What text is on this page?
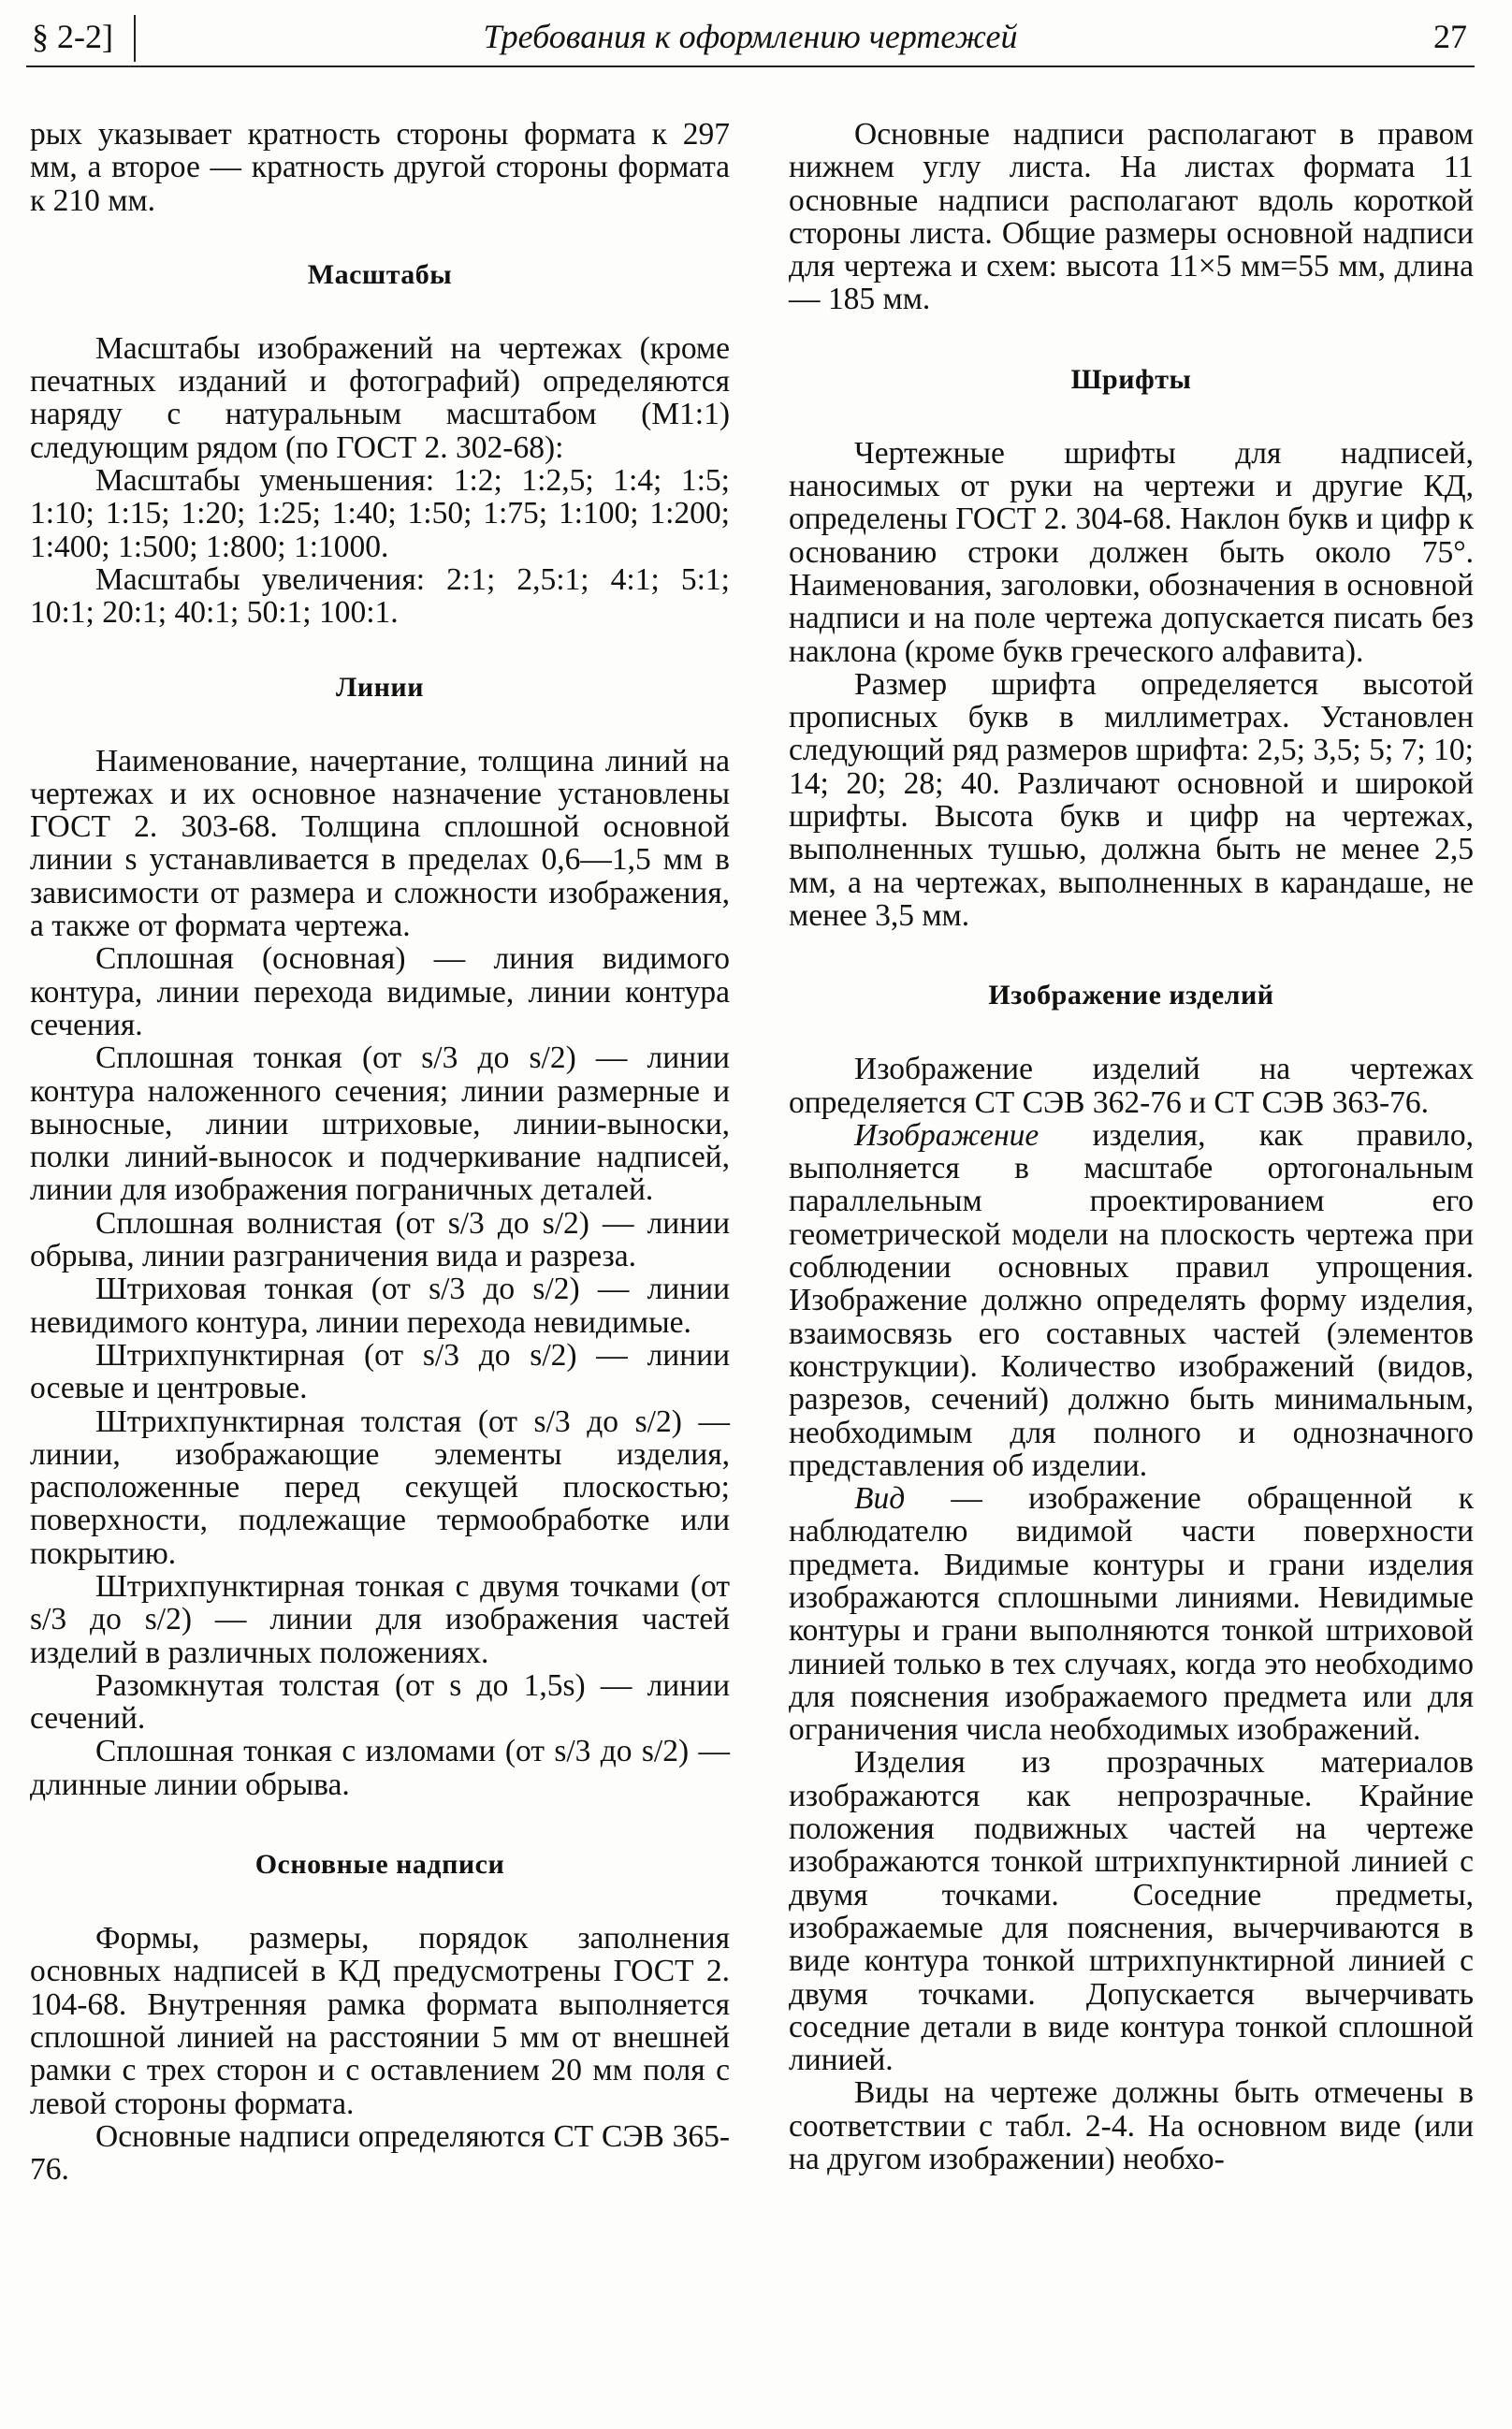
§ 2-2]	Требования к оформлению чертежей	27

рых указывает кратность стороны формата к 297 мм, а второе — кратность другой стороны формата к 210 мм.

Масштабы

Масштабы изображений на чертежах (кроме печатных изданий и фотографий) определяются наряду с натуральным масштабом (М1:1) следующим рядом (по ГОСТ 2. 302-68):

Масштабы уменьшения: 1:2; 1:2,5; 1:4; 1:5; 1:10; 1:15; 1:20; 1:25; 1:40; 1:50; 1:75; 1:100; 1:200; 1:400; 1:500; 1:800; 1:1000.

Масштабы увеличения: 2:1; 2,5:1; 4:1; 5:1; 10:1; 20:1; 40:1; 50:1; 100:1.

Линии

Наименование, начертание, толщина линий на чертежах и их основное назначение установлены ГОСТ 2. 303-68. Толщина сплошной основной линии s устанавливается в пределах 0,6—1,5 мм в зависимости от размера и сложности изображения, а также от формата чертежа.

Сплошная (основная) — линия видимого контура, линии перехода видимые, линии контура сечения.

Сплошная тонкая (от s/3 до s/2) — линии контура наложенного сечения; линии размерные и выносные, линии штриховые, линии-выноски, полки линий-выносок и подчеркивание надписей, линии для изображения пограничных деталей.

Сплошная волнистая (от s/3 до s/2) — линии обрыва, линии разграничения вида и разреза.

Штриховая тонкая (от s/3 до s/2) — линии невидимого контура, линии перехода невидимые.

Штрихпунктирная (от s/3 до s/2) — линии осевые и центровые.

Штрихпунктирная толстая (от s/3 до s/2) — линии, изображающие элементы изделия, расположенные перед секущей плоскостью; поверхности, подлежащие термообработке или покрытию.

Штрихпунктирная тонкая с двумя точками (от s/3 до s/2) — линии для изображения частей изделий в различных положениях.

Разомкнутая толстая (от s до 1,5s) — линии сечений.

Сплошная тонкая с изломами (от s/3 до s/2) — длинные линии обрыва.

Основные надписи

Формы, размеры, порядок заполнения основных надписей в КД предусмотрены ГОСТ 2. 104-68. Внутренняя рамка формата выполняется сплошной линией на расстоянии 5 мм от внешней рамки с трех сторон и с оставлением 20 мм поля с левой стороны формата.

Основные надписи определяются СТ СЭВ 365-76.

Основные надписи располагают в правом нижнем углу листа. На листах формата 11 основные надписи располагают вдоль короткой стороны листа. Общие размеры основной надписи для чертежа и схем: высота 11×5 мм=55 мм, длина — 185 мм.

Шрифты

Чертежные шрифты для надписей, наносимых от руки на чертежи и другие КД, определены ГОСТ 2. 304-68. Наклон букв и цифр к основанию строки должен быть около 75°. Наименования, заголовки, обозначения в основной надписи и на поле чертежа допускается писать без наклона (кроме букв греческого алфавита).

Размер шрифта определяется высотой прописных букв в миллиметрах. Установлен следующий ряд размеров шрифта: 2,5; 3,5; 5; 7; 10; 14; 20; 28; 40. Различают основной и широкой шрифты. Высота букв и цифр на чертежах, выполненных тушью, должна быть не менее 2,5 мм, а на чертежах, выполненных в карандаше, не менее 3,5 мм.

Изображение изделий

Изображение изделий на чертежах определяется СТ СЭВ 362-76 и СТ СЭВ 363-76.

Изображение изделия, как правило, выполняется в масштабе ортогональным параллельным проектированием его геометрической модели на плоскость чертежа при соблюдении основных правил упрощения. Изображение должно определять форму изделия, взаимосвязь его составных частей (элементов конструкции). Количество изображений (видов, разрезов, сечений) должно быть минимальным, необходимым для полного и однозначного представления об изделии.

Вид — изображение обращенной к наблюдателю видимой части поверхности предмета. Видимые контуры и грани изделия изображаются сплошными линиями. Невидимые контуры и грани выполняются тонкой штриховой линией только в тех случаях, когда это необходимо для пояснения изображаемого предмета или для ограничения числа необходимых изображений.

Изделия из прозрачных материалов изображаются как непрозрачные. Крайние положения подвижных частей на чертеже изображаются тонкой штрихпунктирной линией с двумя точками. Соседние предметы, изображаемые для пояснения, вычерчиваются в виде контура тонкой штрихпунктирной линией с двумя точками. Допускается вычерчивать соседние детали в виде контура тонкой сплошной линией.

Виды на чертеже должны быть отмечены в соответствии с табл. 2-4. На основном виде (или на другом изображении) необхо-
